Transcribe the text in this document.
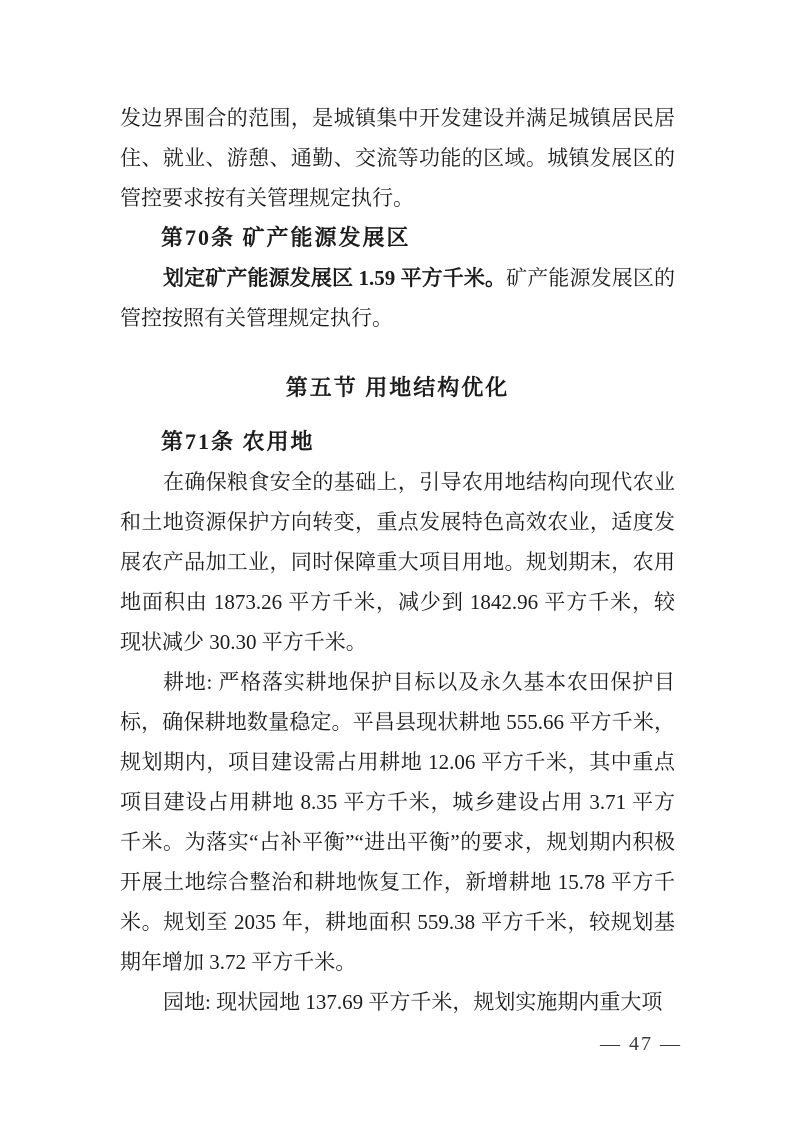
发边界围合的范围，是城镇集中开发建设并满足城镇居民居住、就业、游憩、通勤、交流等功能的区域。城镇发展区的管控要求按有关管理规定执行。

第70条 矿产能源发展区

划定矿产能源发展区 1.59 平方千米。矿产能源发展区的管控按照有关管理规定执行。

第五节 用地结构优化

第71条 农用地

在确保粮食安全的基础上，引导农用地结构向现代农业和土地资源保护方向转变，重点发展特色高效农业，适度发展农产品加工业，同时保障重大项目用地。规划期末，农用地面积由 1873.26 平方千米，减少到 1842.96 平方千米，较现状减少 30.30 平方千米。

耕地: 严格落实耕地保护目标以及永久基本农田保护目标，确保耕地数量稳定。平昌县现状耕地 555.66 平方千米，规划期内，项目建设需占用耕地 12.06 平方千米，其中重点项目建设占用耕地 8.35 平方千米，城乡建设占用 3.71 平方千米。为落实“占补平衡”“进出平衡”的要求，规划期内积极开展土地综合整治和耕地恢复工作，新增耕地 15.78 平方千米。规划至 2035 年，耕地面积 559.38 平方千米，较规划基期年增加 3.72 平方千米。

园地: 现状园地 137.69 平方千米，规划实施期内重大项

— 47 —
